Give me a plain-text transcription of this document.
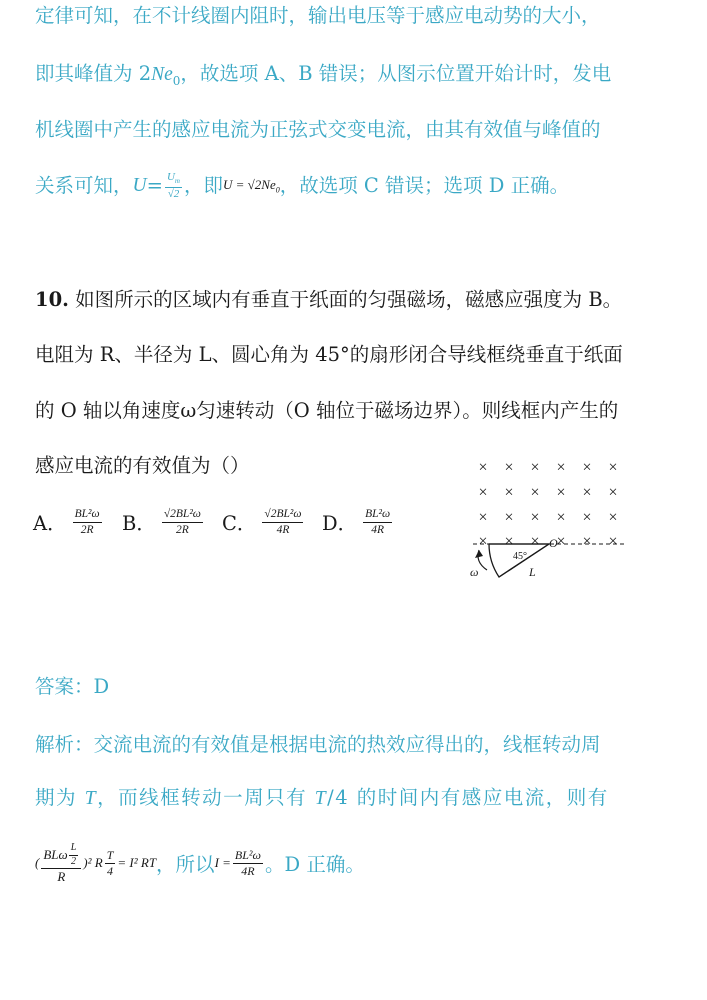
定律可知，在不计线圈内阻时，输出电压等于感应电动势的大小，
即其峰值为 $2Ne_0$，故选项 A、B 错误；从图示位置开始计时，发电
机线圈中产生的感应电流为正弦式交变电流，由其有效值与峰值的
关系可知， $U = \frac{U_m}{√2}$ ，即 $U = √2Ne_0$ ，故选项 C 错误；选项 D 正确。
10. 如图所示的区域内有垂直于纸面的匀强磁场，磁感应强度为 B。
电阻为 R、半径为 L、圆心角为 45°的扇形闭合导线框绕垂直于纸面
的 O 轴以角速度ω匀速转动（O 轴位于磁场边界）。则线框内产生的
感应电流的有效值为（）
A． $\frac{\text{BL²ω}}{2R}$ B． $\frac{\text{√2BL²ω}}{2R}$ C． $\frac{\text{√2BL²ω}}{4R}$ D． $\frac{\text{BL²ω}}{4R}$
× × × × × ×
× × × × × ×
× × × × × ×
× × × × × ×
45°
O
ω	L
答案：D
解析：交流电流的有效值是根据电流的热效应得出的，线框转动周
期为 T，而线框转动一周只有 T/4 的时间内有感应电流，则有
( $\frac{BL\omega \frac{L}{2}}{R} )^2$ R $\frac{T}{4} = I^2$ RT ，所以 $I = \frac{\text{BL²ω}}{4R}$ 。D 正确。
